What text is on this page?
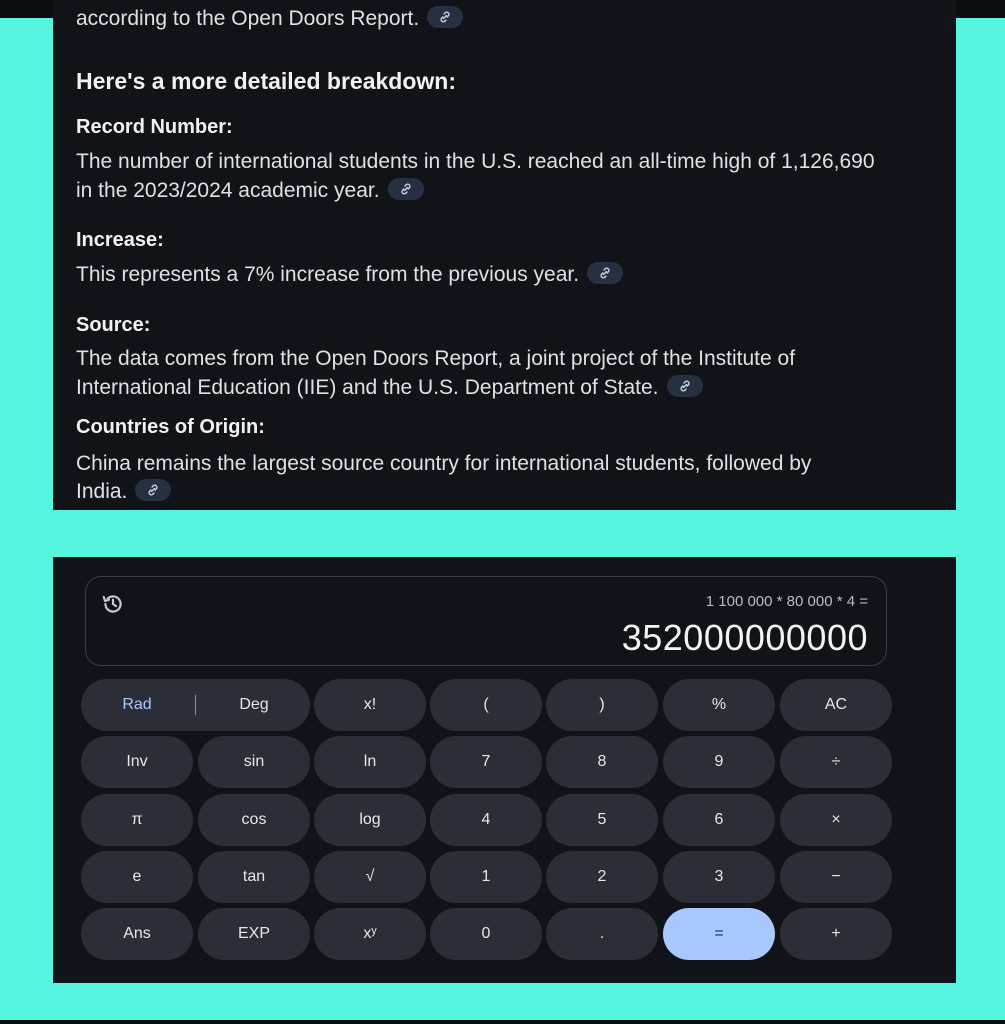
according to the Open Doors Report.
Here's a more detailed breakdown:
Record Number:
The number of international students in the U.S. reached an all-time high of 1,126,690
in the 2023/2024 academic year.
Increase:
This represents a 7% increase from the previous year.
Source:
The data comes from the Open Doors Report, a joint project of the Institute of
International Education (IIE) and the U.S. Department of State.
Countries of Origin:
China remains the largest source country for international students, followed by
India.
1 100 000 * 80 000 * 4 =
352000000000
Rad	Deg	x!	(	)	%	AC
Inv	sin	ln	7	8	9	÷
π	cos	log	4	5	6	×
e	tan	√	1	2	3	−
Ans	EXP	xʸ	0	.	=	+
